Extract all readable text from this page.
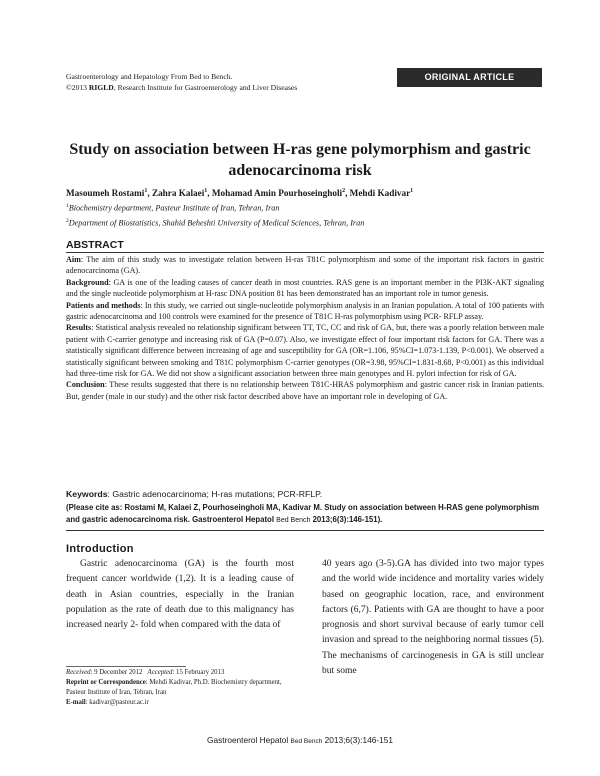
Gastroenterology and Hepatology From Bed to Bench.
©2013 RIGLD, Research Institute for Gastroenterology and Liver Diseases
ORIGINAL ARTICLE
Study on association between H-ras gene polymorphism and gastric
adenocarcinoma risk
Masoumeh Rostami$^1$, Zahra Kalaei$^1$, Mohamad Amin Pourhoseingholi$^2$, Mehdi Kadivar$^1$
$^1$Biochemistry department, Pasteur Institute of Iran, Tehran, Iran
$^2$Department of Biostatistics, Shahid Beheshti University of Medical Sciences, Tehran, Iran
ABSTRACT

Aim: The aim of this study was to investigate relation between H-ras T81C polymorphism and some of the important risk factors in gastric adenocarcinoma (GA).

Background: GA is one of the leading causes of cancer death in most countries. RAS gene is an important member in the PI3K-AKT signaling and the single nucleotide polymorphism at H-rasc DNA position 81 has been demonstrated has an important role in tumor genesis.

Patients and methods: In this study, we carried out single-nucleotide polymorphism analysis in an Iranian population. A total of 100 patients with gastric adenocarcinoma and 100 controls were examined for the presence of T81C H-ras polymorphism using PCR- RFLP assay.

Results: Statistical analysis revealed no relationship significant between TT, TC, CC and risk of GA, but, there was a poorly relation between male patient with C-carrier genotype and increasing risk of GA (P=0.07). Also, we investigate effect of four important risk factors for GA. There was a statistically significant difference between increasing of age and susceptibility for GA (OR=1.106, 95%CI=1.073-1.139, P<0.001). We observed a statistically significant between smoking and T81C polymorphism C-carrier genotypes (OR=3.98, 95%CI=1.831-8.68, P<0.001) as this individual had three-time risk for GA. We did not show a significant association between three main genotypes and H. pylori infection for risk of GA.

Conclusion: These results suggested that there is no relationship between T81C-HRAS polymorphism and gastric cancer risk in Iranian patients. But, gender (male in our study) and the other risk factor described above have an important role in developing of GA.

Keywords: Gastric adenocarcinoma; H-ras mutations; PCR-RFLP.
(Please cite as: Rostami M, Kalaei Z, Pourhoseingholi MA, Kadivar M. Study on association between H-RAS gene polymorphism and gastric adenocarcinoma risk. Gastroenterol Hepatol Bed Bench 2013;6(3):146-151).
Introduction
Gastric adenocarcinoma (GA) is the fourth most frequent cancer worldwide (1,2). It is a leading cause of death in Asian countries, especially in the Iranian population as the rate of death due to this malignancy has increased nearly 2- fold when compared with the data of
40 years ago (3-5).GA has divided into two major types and the world wide incidence and mortality varies widely based on geographic location, race, and environment factors (6,7). Patients with GA are thought to have a poor prognosis and short survival because of early tumor cell invasion and spread to the neighboring normal tissues (5). The mechanisms of carcinogenesis in GA is still unclear but some
Received: 9 December 2012 Accepted: 15 February 2013
Reprint or Correspondence: Mehdi Kadivar, Ph.D. Biochemistry department, Pasteur Institute of Iran, Tehran, Iran
E-mail: kadivar@pasteur.ac.ir
Gastroenterol Hepatol Bed Bench 2013;6(3):146-151
